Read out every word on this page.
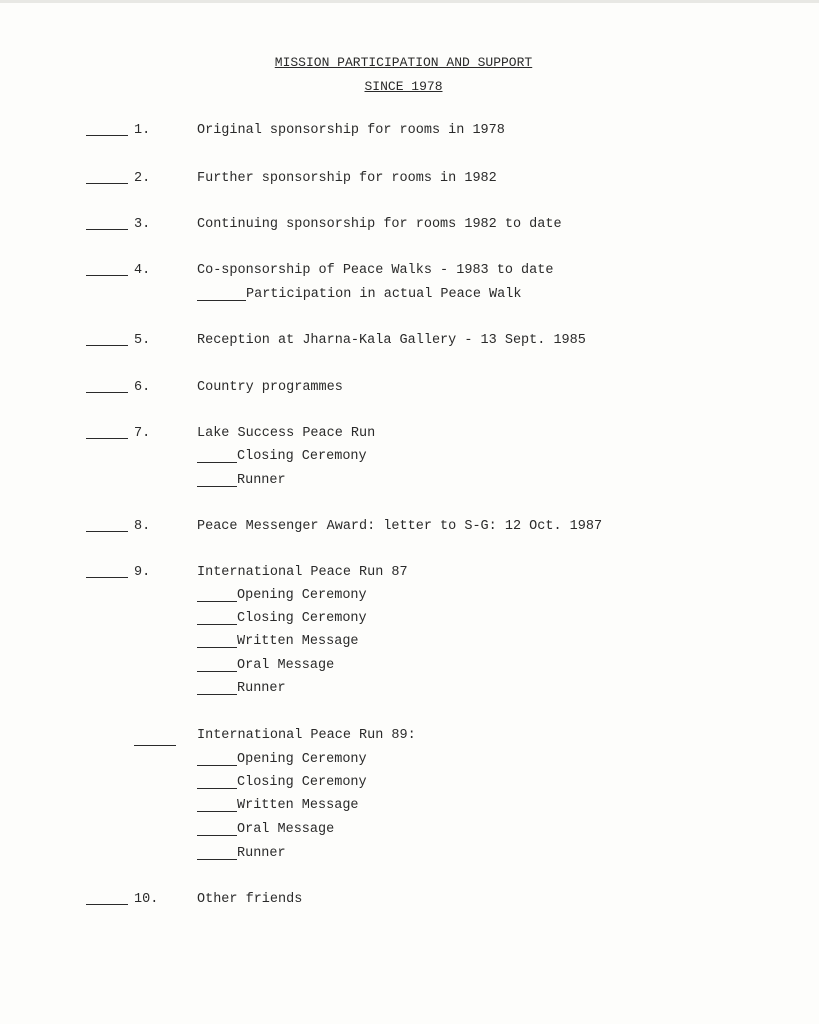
MISSION PARTICIPATION AND SUPPORT
SINCE 1978
1.	Original sponsorship for rooms in 1978
2.	Further sponsorship for rooms in 1982
3.	Continuing sponsorship for rooms 1982 to date
4.	Co-sponsorship of Peace Walks - 1983 to date
Participation in actual Peace Walk
5.	Reception at Jharna-Kala Gallery - 13 Sept. 1985
6.	Country programmes
7.	Lake Success Peace Run
Closing Ceremony
Runner
8.	Peace Messenger Award: letter to S-G: 12 Oct. 1987
9.	International Peace Run 87
Opening Ceremony
Closing Ceremony
Written Message
Oral Message
Runner
International Peace Run 89:
Opening Ceremony
Closing Ceremony
Written Message
Oral Message
Runner
10.	Other friends
